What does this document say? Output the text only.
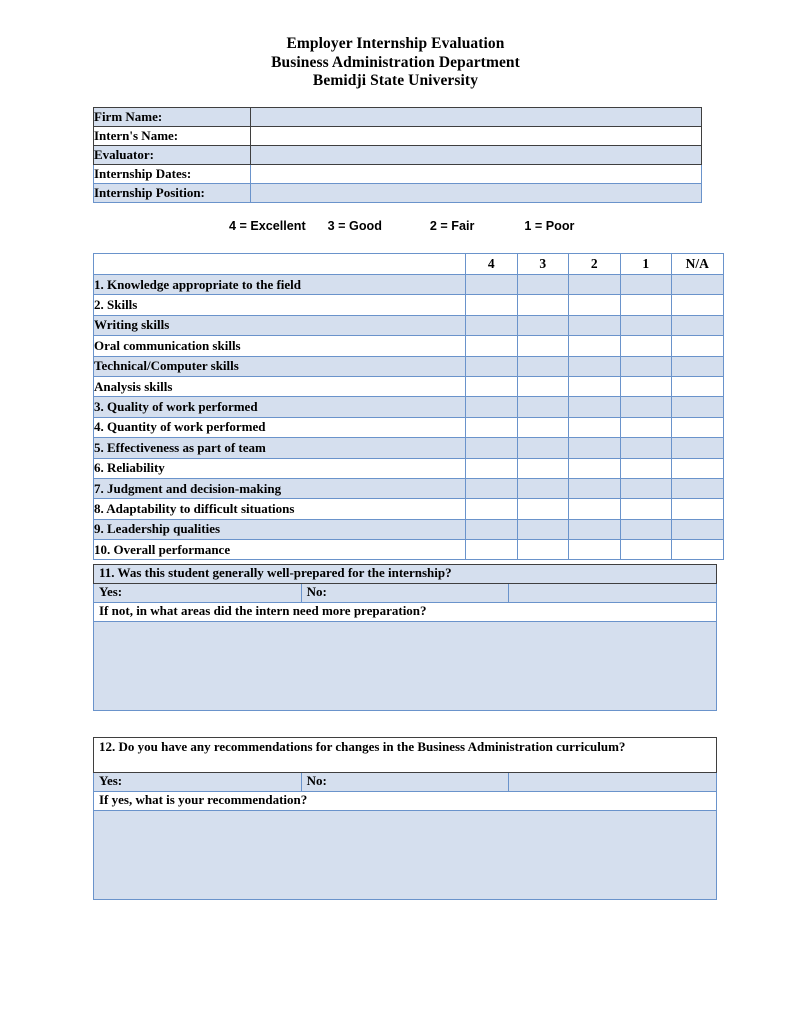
Employer Internship Evaluation
Business Administration Department
Bemidji State University
Firm Name:	
Intern's Name:	
Evaluator:	
Internship Dates:	
Internship Position:	
4 = Excellent 3 = Good	2 = Fair	1 = Poor
	4	3	2	1	N/A
1. Knowledge appropriate to the field					
2. Skills					
Writing skills					
Oral communication skills					
Technical/Computer skills					
Analysis skills					
3. Quality of work performed					
4. Quantity of work performed					
5. Effectiveness as part of team					
6. Reliability					
7. Judgment and decision-making					
8. Adaptability to difficult situations					
9. Leadership qualities					
10. Overall performance					
11. Was this student generally well-prepared for the internship?
Yes:	No:	
If not, in what areas did the intern need more preparation?

12. Do you have any recommendations for changes in the Business Administration curriculum?
Yes:	No:	
If yes, what is your recommendation?
